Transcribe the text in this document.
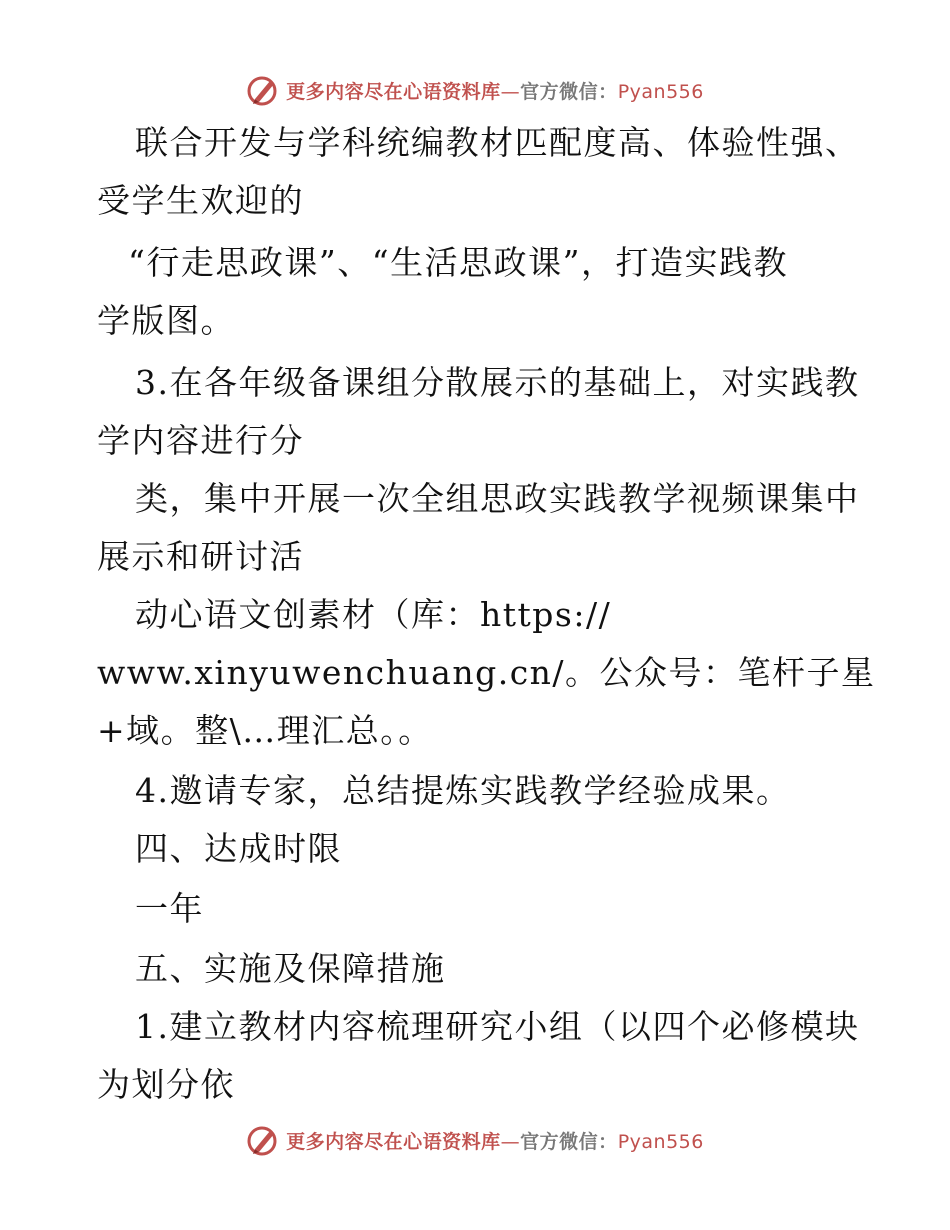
更多内容尽在心语资料库—官方微信：Pyan556
联合开发与学科统编教材匹配度高、体验性强、
受学生欢迎的
“行走思政课”、“生活思政课”，打造实践教
学版图。
3.在各年级备课组分散展示的基础上，对实践教
学内容进行分
类，集中开展一次全组思政实践教学视频课集中
展示和研讨活
动心语文创素材（库：https://
www.xinyuwenchuang.cn/。公众号：笔杆子星
+域。整\…理汇总。。
4.邀请专家，总结提炼实践教学经验成果。
四、达成时限
一年
五、实施及保障措施
1.建立教材内容梳理研究小组（以四个必修模块
为划分依
更多内容尽在心语资料库—官方微信：Pyan556
